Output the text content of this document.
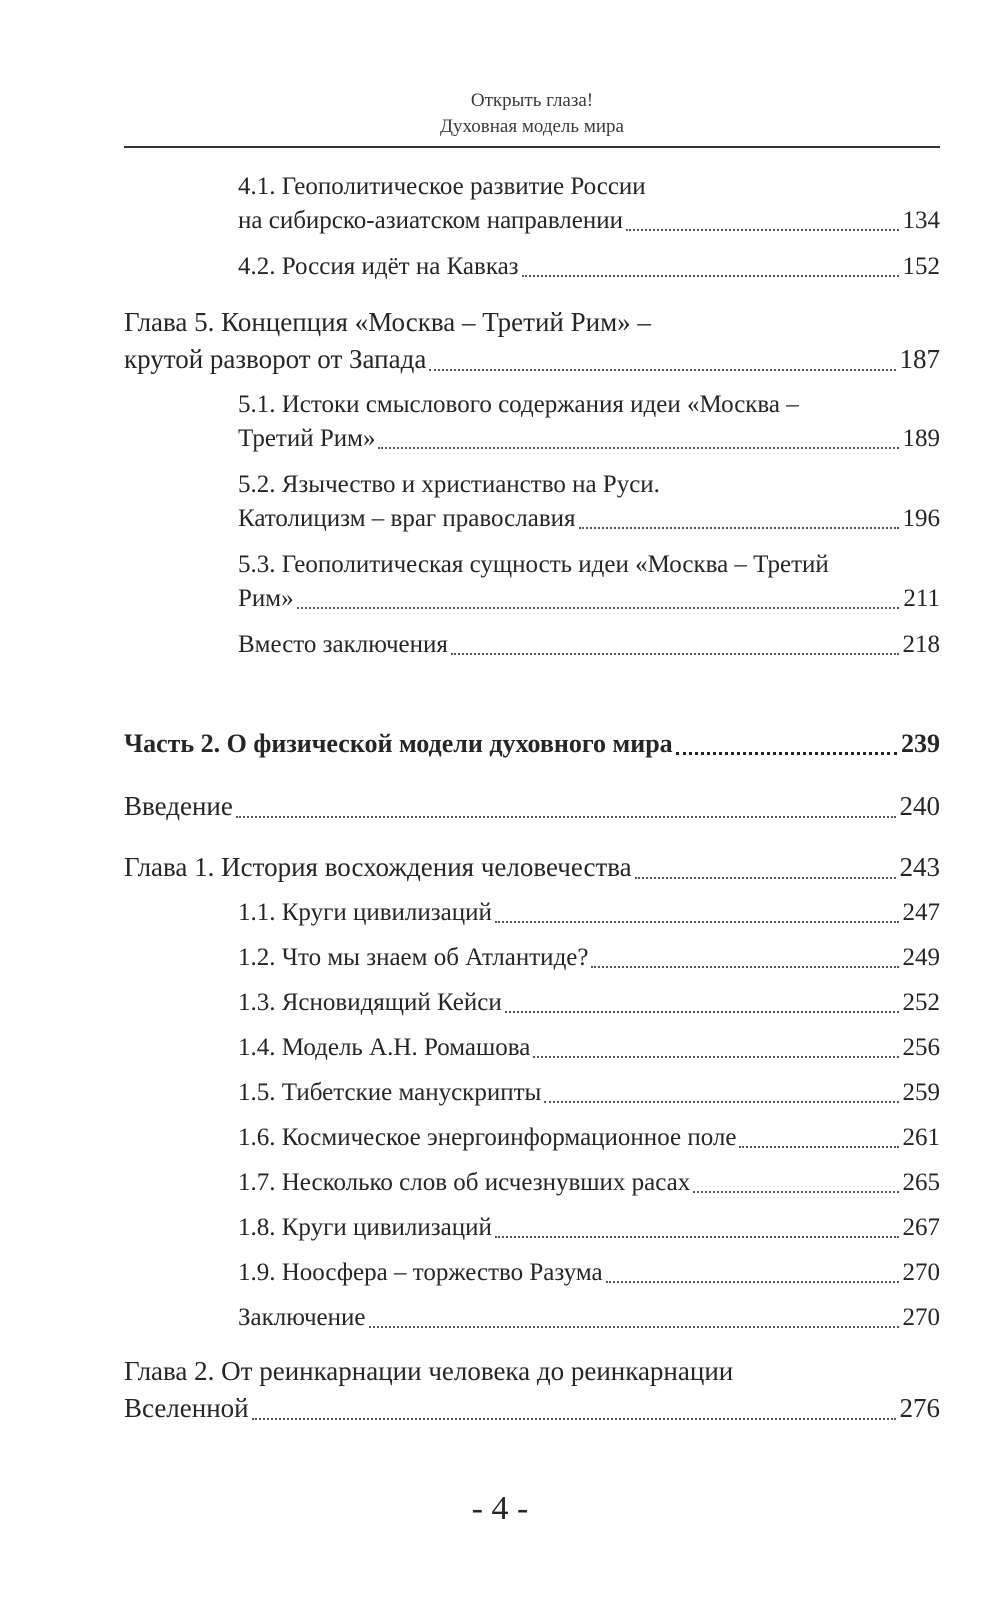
Открыть глаза!
Духовная модель мира
4.1. Геополитическое развитие России
на сибирско-азиатском направлении	134
4.2. Россия идёт на Кавказ	152
Глава 5. Концепция «Москва – Третий Рим» –
крутой разворот от Запада	187
5.1. Истоки смыслового содержания идеи «Москва –
Третий Рим»	189
5.2. Язычество и христианство на Руси.
Католицизм – враг православия	196
5.3. Геополитическая сущность идеи «Москва – Третий
Рим»	211
Вместо заключения	218
Часть 2. О физической модели духовного мира	239
Введение	240
Глава 1. История восхождения человечества	243
1.1. Круги цивилизаций	247
1.2. Что мы знаем об Атлантиде?	249
1.3. Ясновидящий Кейси	252
1.4. Модель А.Н. Ромашова	256
1.5. Тибетские манускрипты	259
1.6. Космическое энергоинформационное поле	261
1.7. Несколько слов об исчезнувших расах	265
1.8. Круги цивилизаций	267
1.9. Ноосфера – торжество Разума	270
Заключение	270
Глава 2. От реинкарнации человека до реинкарнации
Вселенной	276
- 4 -
